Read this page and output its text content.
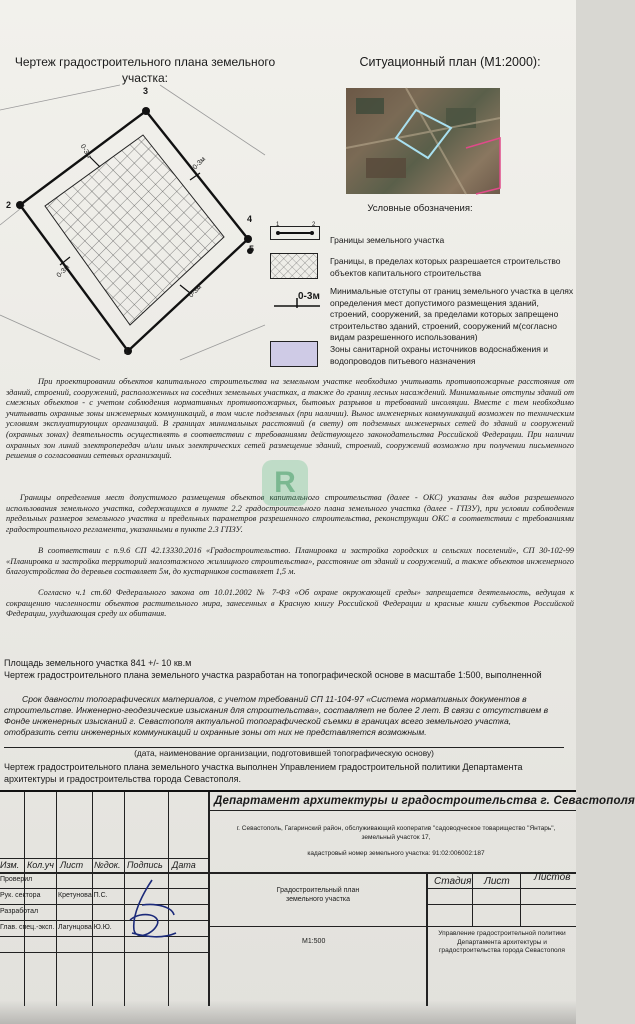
Чертеж градостроительного плана земельного участка:
3
2
4
5
1
0-3м
0-3м
0-3м
0-3м
Ситуационный план (М1:2000):
Условные обозначения:
1	2
Границы земельного участка
Границы, в пределах которых разрешается строительство объектов капитального строительства
0-3м Минимальные отступы от границ земельного участка в целях определения мест допустимого размещения зданий, строений, сооружений, за пределами которых запрещено строительство зданий, строений, сооружений м(согласно видам разрешенного использования)
Зоны санитарной охраны источников водоснабжения и водопроводов питьевого назначения
При проектировании объектов капитального строительства на земельном участке необходимо учитывать противопожарные расстояния от зданий, строений, сооружений, расположенных на соседних земельных участках, а также до границ лесных насаждений. Минимальные отступы зданий от смежных объектов - с учетом соблюдения нормативных противопожарных, бытовых разрывов и требований инсоляции. Вместе с тем необходимо учитывать охранные зоны инженерных коммуникаций, в том числе подземных (при наличии). Вынос инженерных коммуникаций возможен по техническим условиям эксплуатирующих организаций. В границах минимальных расстояний (в свету) от подземных инженерных сетей до зданий и сооружений (охранных зонах) деятельность осуществлять в соответствии с требованиями действующего законодательства Российской Федерации. При наличии охранных зон линий электропередач и/или иных электрических сетей размещение зданий, строений, сооружений возможно при получении письменного решения о согласовании сетевых организаций.
Границы определения мест допустимого размещения объектов капитального строительства (далее - ОКС) указаны для видов разрешенного использования земельного участка, содержащихся в пункте 2.2 градостроительного плана земельного участка (далее - ГПЗУ), при условии соблюдения предельных размеров земельного участка и предельных параметров разрешенного строительства, реконструкции ОКС в соответствии с требованиями градостроительного регламента, указанными в пункте 2.3 ГПЗУ.
В соответствии с п.9.6 СП 42.13330.2016 «Градостроительство. Планировка и застройка городских и сельских поселений», СП 30-102-99 «Планировка и застройка территорий малоэтажного жилищного строительства», расстояние от зданий и сооружений, а также объектов инженерного благоустройства до деревьев составляет 5м, до кустарников составляет 1,5 м.
Согласно ч.1 ст.60 Федерального закона от 10.01.2002 № 7-ФЗ «Об охране окружающей среды» запрещается деятельность, ведущая к сокращению численности объектов растительного мира, занесенных в Красную книгу Российской Федерации и красные книги субъектов Российской Федерации, ухудшающая среду их обитания.
R
Площадь земельного участка 841 +/- 10 кв.м
Чертеж градостроительного плана земельного участка разработан на топографической основе в масштабе 1:500, выполненной
Срок давности топографических материалов, с учетом требований СП 11-104-97 «Система нормативных документов в строительстве. Инженерно-геодезические изыскания для строительства», составляет не более 2 лет. В связи с отсутствием в Фонде инженерных изысканий г. Севастополя актуальной топографической съемки в границах всего земельного участка, отобразить сети инженерных коммуникаций и охранные зоны от них не представляется возможным.
(дата, наименование организации, подготовившей топографическую основу)
Чертеж градостроительного плана земельного участка выполнен Управлением градостроительной политики Департамента архитектуры и градостроительства города Севастополя.
Департамент архитектуры и градостроительства г. Севастополя
г. Севастополь, Гагаринский район, обслуживающий кооператив "садоводческое товарищество "Янтарь", земельный участок 17,
кадастровый номер земельного участка: 91:02:006002:187
Изм. Кол.уч Лист №док. Подпись Дата
Проверил
Рук. сектора	Кретунова П.С.
Разработал
Глав. спец.-эксп. Лагунцова Ю.Ю.
Градостроительный план земельного участка
Стадия Лист Листов
М1:500
Управление градостроительной политики Департамента архитектуры и градостроительства города Севастополя
